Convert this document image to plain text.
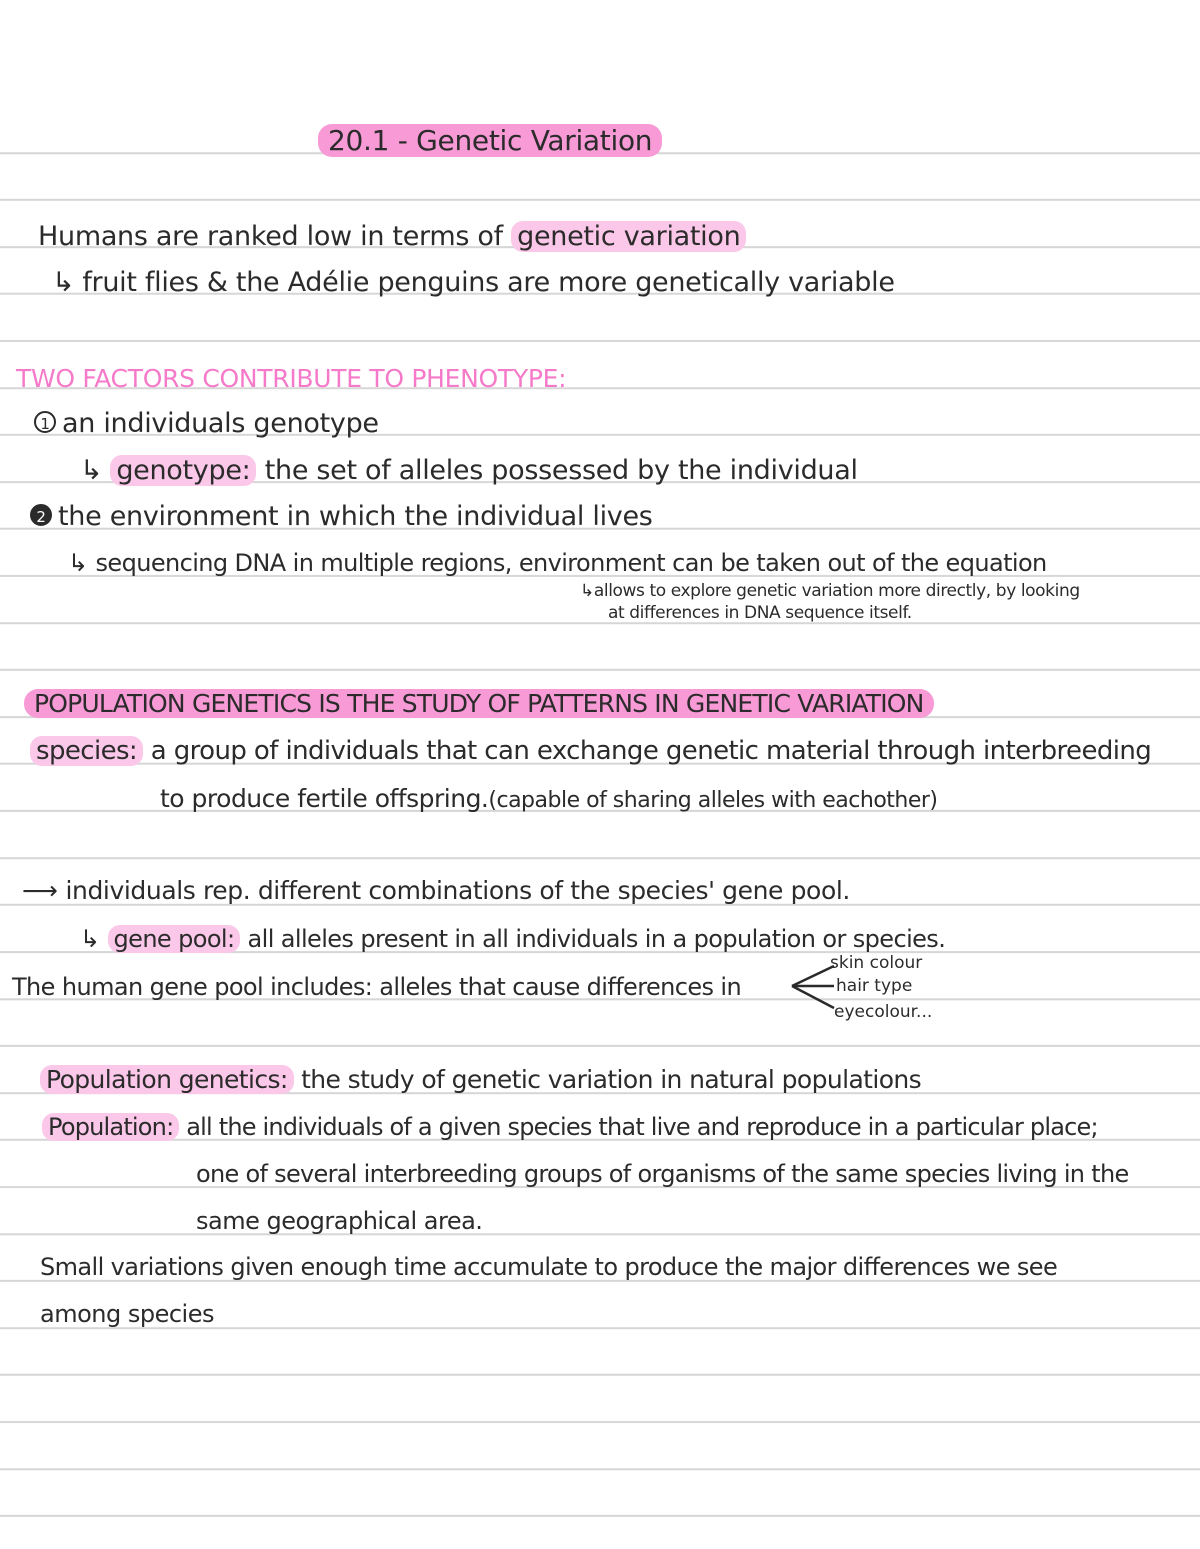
20.1 - Genetic Variation
Humans are ranked low in terms of genetic variation
↳ fruit flies & the Adélie penguins are more genetically variable
TWO FACTORS CONTRIBUTE TO PHENOTYPE:
1 an individuals genotype
↳ genotype: the set of alleles possessed by the individual
2 the environment in which the individual lives
↳ sequencing DNA in multiple regions, environment can be taken out of the equation
↳allows to explore genetic variation more directly, by looking
at differences in DNA sequence itself.
POPULATION GENETICS IS THE STUDY OF PATTERNS IN GENETIC VARIATION
species: a group of individuals that can exchange genetic material through interbreeding
to produce fertile offspring.(capable of sharing alleles with eachother)
⟶ individuals rep. different combinations of the species' gene pool.
↳ gene pool: all alleles present in all individuals in a population or species.
The human gene pool includes: alleles that cause differences in
skin colour
hair type
eyecolour...
Population genetics: the study of genetic variation in natural populations
Population: all the individuals of a given species that live and reproduce in a particular place;
one of several interbreeding groups of organisms of the same species living in the
same geographical area.
Small variations given enough time accumulate to produce the major differences we see
among species
